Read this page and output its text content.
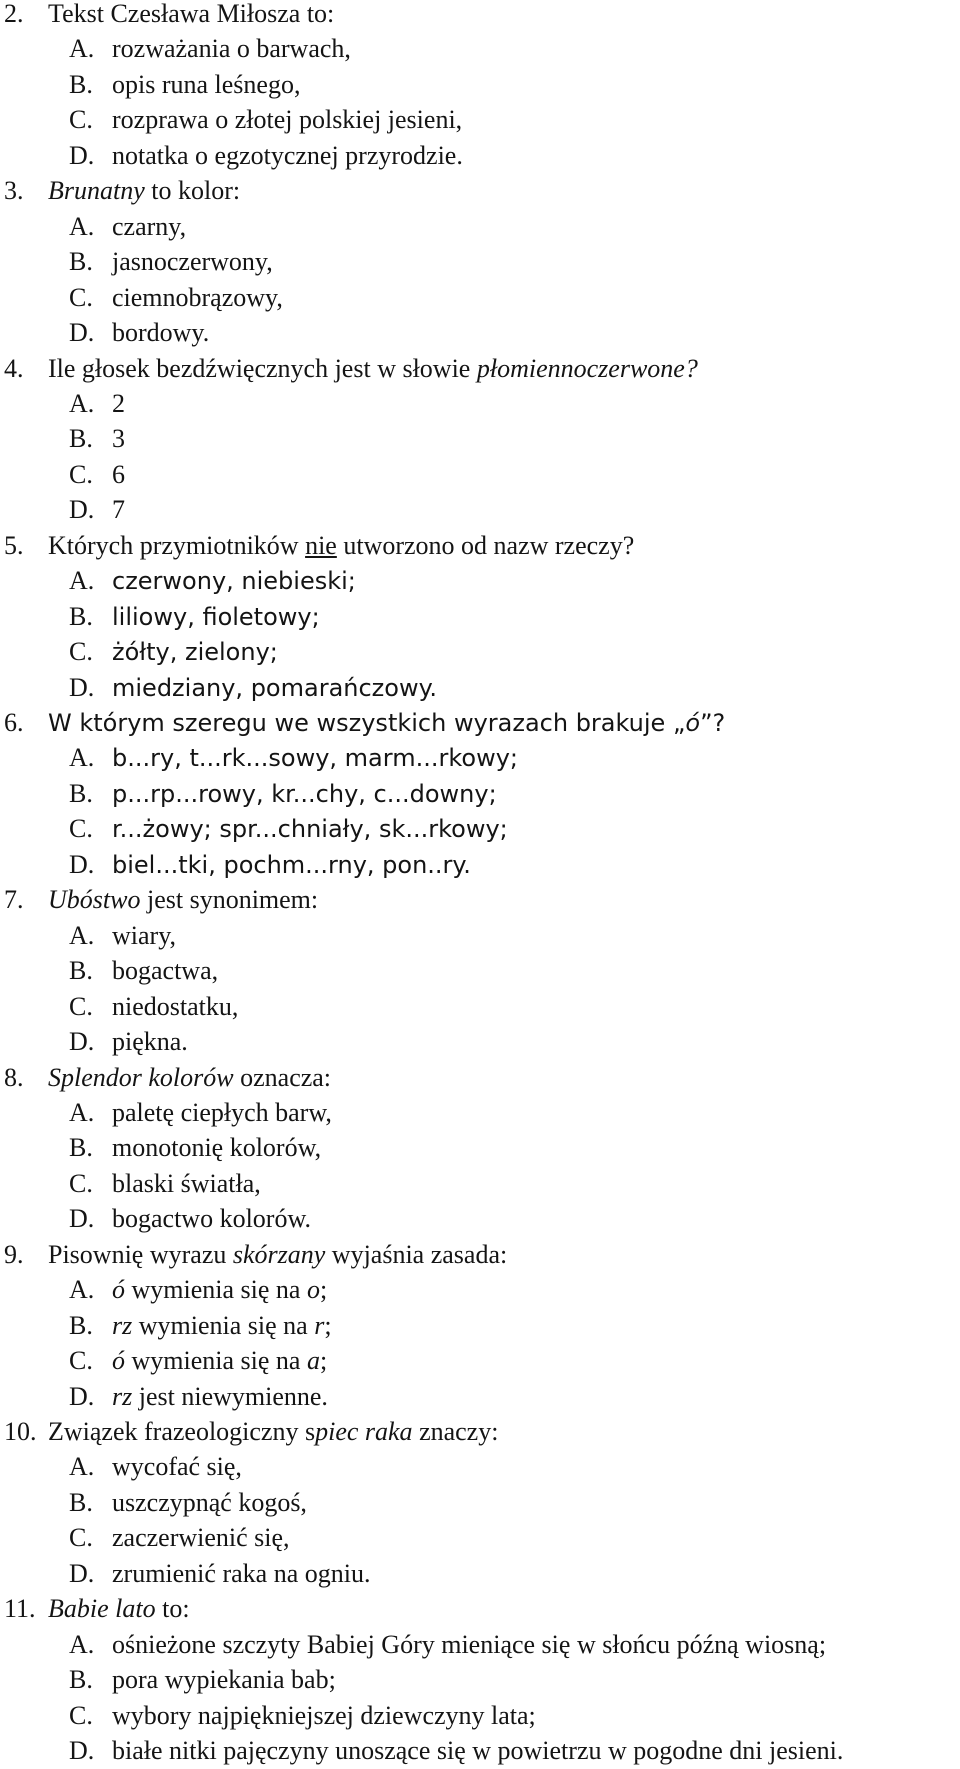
2. Tekst Czesława Miłosza to:
A. rozważania o barwach,
B. opis runa leśnego,
C. rozprawa o złotej polskiej jesieni,
D. notatka o egzotycznej przyrodzie.
3. Brunatny to kolor:
A. czarny,
B. jasnoczerwony,
C. ciemnobrązowy,
D. bordowy.
4. Ile głosek bezdźwięcznych jest w słowie płomiennoczerwone?
A. 2
B. 3
C. 6
D. 7
5. Których przymiotników nie utworzono od nazw rzeczy?
A. czerwony, niebieski;
B. liliowy, fioletowy;
C. żółty, zielony;
D. miedziany, pomarańczowy.
6. W którym szeregu we wszystkich wyrazach brakuje „ó”?
A. b...ry, t...rk...sowy, marm...rkowy;
B. p...rp...rowy, kr...chy, c...downy;
C. r...żowy; spr...chniały, sk...rkowy;
D. biel...tki, pochm...rny, pon..ry.
7. Ubóstwo jest synonimem:
A. wiary,
B. bogactwa,
C. niedostatku,
D. piękna.
8. Splendor kolorów oznacza:
A. paletę ciepłych barw,
B. monotonię kolorów,
C. blaski światła,
D. bogactwo kolorów.
9. Pisownię wyrazu skórzany wyjaśnia zasada:
A. ó wymienia się na o;
B. rz wymienia się na r;
C. ó wymienia się na a;
D. rz jest niewymienne.
10. Związek frazeologiczny spiec raka znaczy:
A. wycofać się,
B. uszczypnąć kogoś,
C. zaczerwienić się,
D. zrumienić raka na ogniu.
11. Babie lato to:
A. ośnieżone szczyty Babiej Góry mieniące się w słońcu późną wiosną;
B. pora wypiekania bab;
C. wybory najpiękniejszej dziewczyny lata;
D. białe nitki pajęczyny unoszące się w powietrzu w pogodne dni jesieni.
